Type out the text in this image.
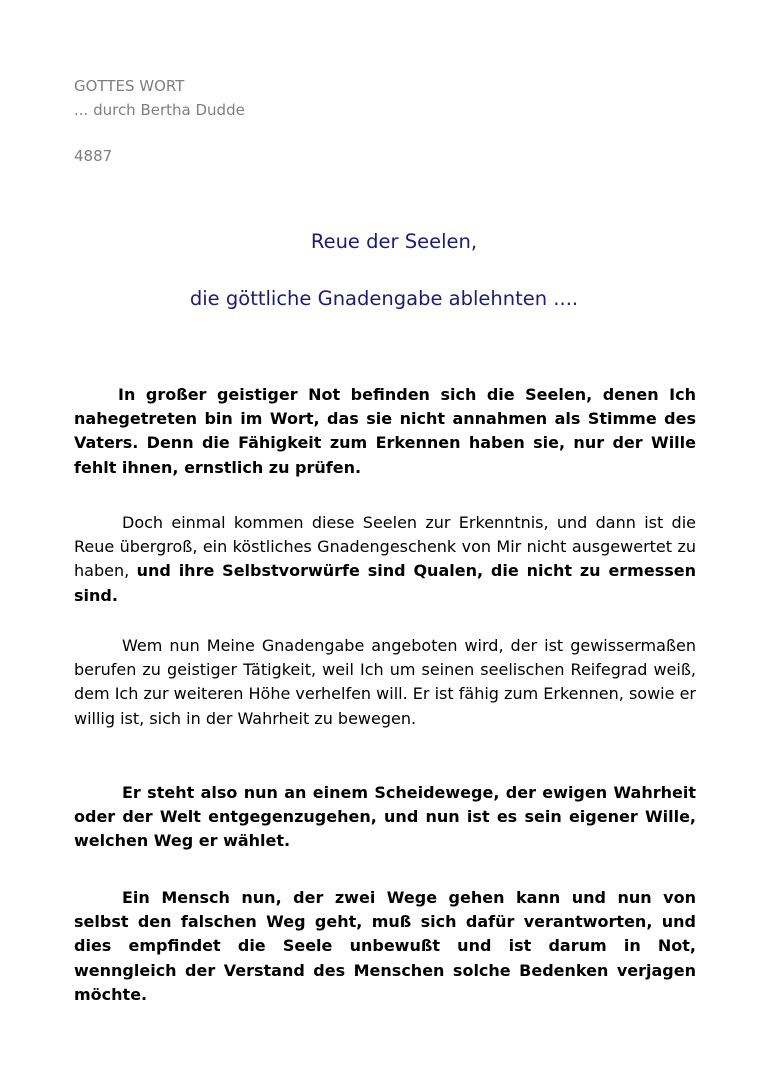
GOTTES WORT
... durch Bertha Dudde
4887
Reue der Seelen,
die göttliche Gnadengabe ablehnten ....

In großer geistiger Not befinden sich die Seelen, denen Ich nahegetreten bin im Wort, das sie nicht annahmen als Stimme des Vaters. Denn die Fähigkeit zum Erkennen haben sie, nur der Wille fehlt ihnen, ernstlich zu prüfen.

Doch einmal kommen diese Seelen zur Erkenntnis, und dann ist die Reue übergroß, ein köstliches Gnadengeschenk von Mir nicht ausgewertet zu haben, und ihre Selbstvorwürfe sind Qualen, die nicht zu ermessen sind.

Wem nun Meine Gnadengabe angeboten wird, der ist gewissermaßen berufen zu geistiger Tätigkeit, weil Ich um seinen seelischen Reifegrad weiß, dem Ich zur weiteren Höhe verhelfen will. Er ist fähig zum Erkennen, sowie er willig ist, sich in der Wahrheit zu bewegen.

Er steht also nun an einem Scheidewege, der ewigen Wahrheit oder der Welt entgegenzugehen, und nun ist es sein eigener Wille, welchen Weg er wählet.

Ein Mensch nun, der zwei Wege gehen kann und nun von selbst den falschen Weg geht, muß sich dafür verantworten, und dies empfindet die Seele unbewußt und ist darum in Not, wenngleich der Verstand des Menschen solche Bedenken verjagen möchte.
